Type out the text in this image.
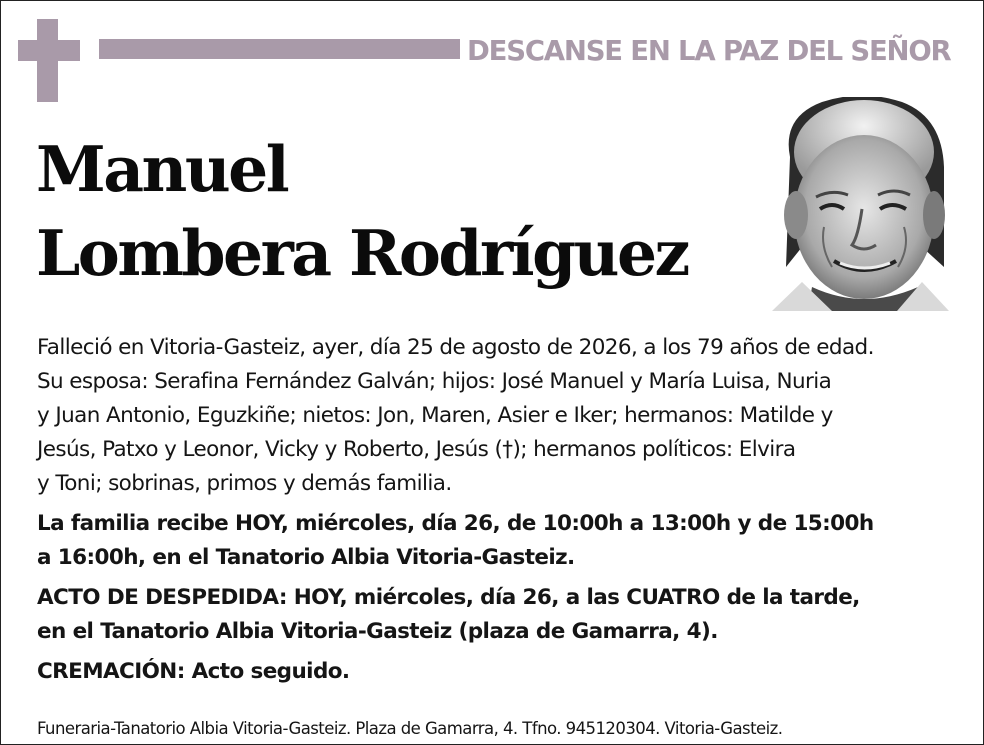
DESCANSE EN LA PAZ DEL SEÑOR
Manuel
Lombera Rodríguez

Falleció en Vitoria-Gasteiz, ayer, día 25 de agosto de 2026, a los 79 años de edad.

Su esposa: Serafina Fernández Galván; hijos: José Manuel y María Luisa, Nuria
y Juan Antonio, Eguzkiñe; nietos: Jon, Maren, Asier e Iker; hermanos: Matilde y
Jesús, Patxo y Leonor, Vicky y Roberto, Jesús (†); hermanos políticos: Elvira
y Toni; sobrinas, primos y demás familia.

La familia recibe HOY, miércoles, día 26, de 10:00h a 13:00h y de 15:00h
a 16:00h, en el Tanatorio Albia Vitoria-Gasteiz.

ACTO DE DESPEDIDA: HOY, miércoles, día 26, a las CUATRO de la tarde,
en el Tanatorio Albia Vitoria-Gasteiz (plaza de Gamarra, 4).

CREMACIÓN: Acto seguido.

Funeraria-Tanatorio Albia Vitoria-Gasteiz. Plaza de Gamarra, 4. Tfno. 945120304. Vitoria-Gasteiz.
